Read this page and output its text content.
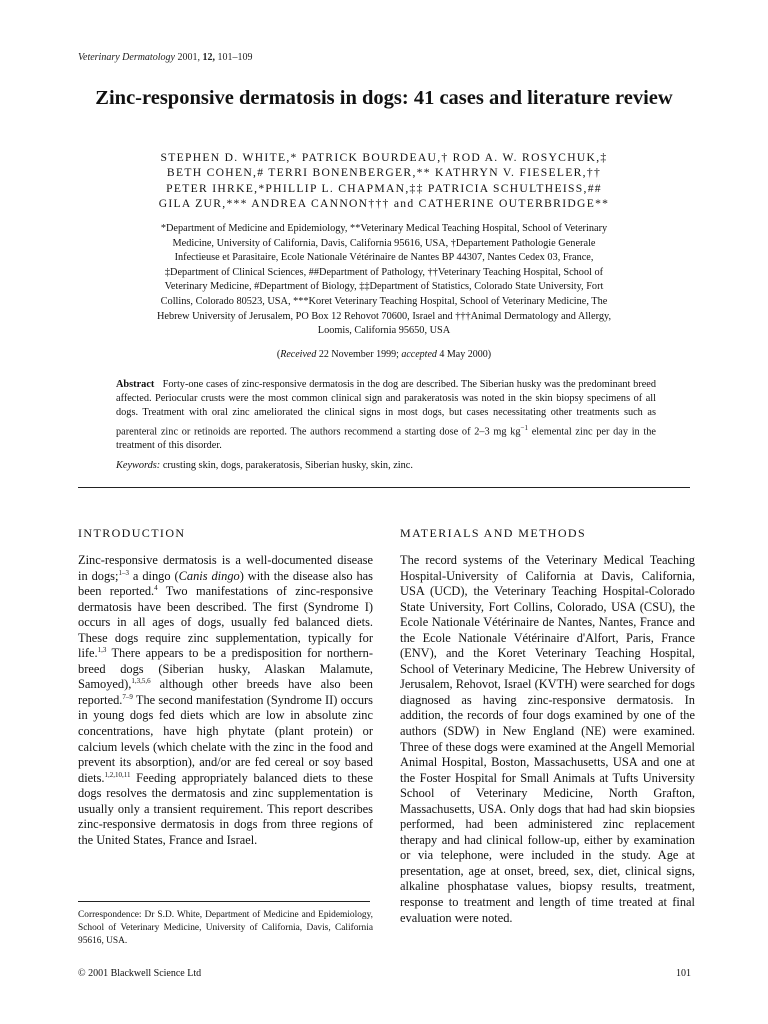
Veterinary Dermatology 2001, 12, 101–109
Zinc-responsive dermatosis in dogs: 41 cases and literature review
STEPHEN D. WHITE,* PATRICK BOURDEAU,† ROD A. W. ROSYCHUK,‡
BETH COHEN,# TERRI BONENBERGER,** KATHRYN V. FIESELER,††
PETER IHRKE,*PHILLIP L. CHAPMAN,‡‡ PATRICIA SCHULTHEISS,##
GILA ZUR,*** ANDREA CANNON††† and CATHERINE OUTERBRIDGE**
*Department of Medicine and Epidemiology, **Veterinary Medical Teaching Hospital, School of Veterinary
Medicine, University of California, Davis, California 95616, USA, †Departement Pathologie Generale
Infectieuse et Parasitaire, Ecole Nationale Vétérinaire de Nantes BP 44307, Nantes Cedex 03, France,
‡Department of Clinical Sciences, ##Department of Pathology, ††Veterinary Teaching Hospital, School of
Veterinary Medicine, #Department of Biology, ‡‡Department of Statistics, Colorado State University, Fort
Collins, Colorado 80523, USA, ***Koret Veterinary Teaching Hospital, School of Veterinary Medicine, The
Hebrew University of Jerusalem, PO Box 12 Rehovot 70600, Israel and †††Animal Dermatology and Allergy,
Loomis, California 95650, USA
(Received 22 November 1999; accepted 4 May 2000)
Abstract Forty-one cases of zinc-responsive dermatosis in the dog are described. The Siberian husky was the predominant breed affected. Periocular crusts were the most common clinical sign and parakeratosis was noted in the skin biopsy specimens of all dogs. Treatment with oral zinc ameliorated the clinical signs in most dogs, but cases necessitating other treatments such as parenteral zinc or retinoids are reported. The authors recommend a starting dose of 2–3 mg $kg^{-1}$ elemental zinc per day in the treatment of this disorder.
Keywords: crusting skin, dogs, parakeratosis, Siberian husky, skin, zinc.
INTRODUCTION	MATERIALS AND METHODS
Zinc-responsive dermatosis is a well-documented disease in dogs;$^{1-3}$ a dingo (Canis dingo) with the disease also has been reported.$^4$ Two manifestations of zinc-responsive dermatosis have been described. The first (Syndrome I) occurs in all ages of dogs, usually fed balanced diets. These dogs require zinc supplementation, typically for life.$^{1,3}$ There appears to be a predisposition for northern-breed dogs (Siberian husky, Alaskan Malamute, Samoyed),$^{1,3,5,6}$ although other breeds have also been reported.$^{7-9}$ The second manifestation (Syndrome II) occurs in young dogs fed diets which are low in absolute zinc concentrations, have high phytate (plant protein) or calcium levels (which chelate with the zinc in the food and prevent its absorption), and/or are fed cereal or soy based diets.$^{1,2,10,11}$ Feeding appropriately balanced diets to these dogs resolves the dermatosis and zinc supplementation is usually only a transient requirement. This report describes zinc-responsive dermatosis in dogs from three regions of the United States, France and Israel.
The record systems of the Veterinary Medical Teaching Hospital-University of California at Davis, California, USA (UCD), the Veterinary Teaching Hospital-Colorado State University, Fort Collins, Colorado, USA (CSU), the Ecole Nationale Vétérinaire de Nantes, Nantes, France and the Ecole Nationale Vétérinaire d'Alfort, Paris, France (ENV), and the Koret Veterinary Teaching Hospital, School of Veterinary Medicine, The Hebrew University of Jerusalem, Rehovot, Israel (KVTH) were searched for dogs diagnosed as having zinc-responsive dermatosis. In addition, the records of four dogs examined by one of the authors (SDW) in New England (NE) were examined. Three of these dogs were examined at the Angell Memorial Animal Hospital, Boston, Massachusetts, USA and one at the Foster Hospital for Small Animals at Tufts University School of Veterinary Medicine, North Grafton, Massachusetts, USA. Only dogs that had had skin biopsies performed, had been administered zinc replacement therapy and had clinical follow-up, either by examination or via telephone, were included in the study. Age at presentation, age at onset, breed, sex, diet, clinical signs, alkaline phosphatase values, biopsy results, treatment, response to treatment and length of time treated at final evaluation were noted.
Correspondence: Dr S.D. White, Department of Medicine and Epidemiology, School of Veterinary Medicine, University of California, Davis, California 95616, USA.
© 2001 Blackwell Science Ltd	101
